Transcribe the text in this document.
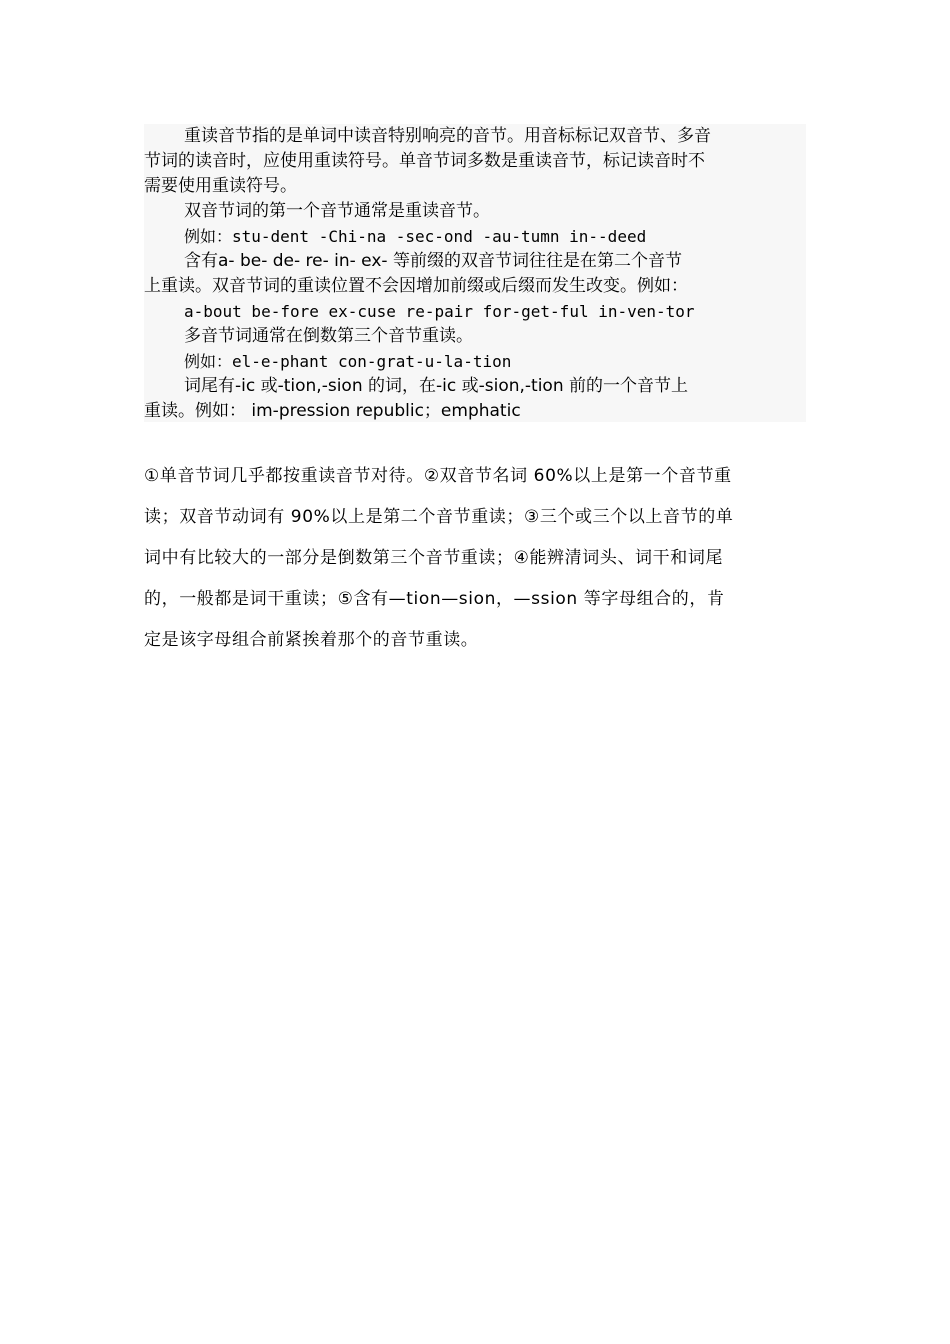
重读音节指的是单词中读音特别响亮的音节。用音标标记双音节、多音
节词的读音时，应使用重读符号。单音节词多数是重读音节，标记读音时不
需要使用重读符号。
双音节词的第一个音节通常是重读音节。
例如：stu-dent -Chi-na -sec-ond -au-tumn in--deed
含有a- be- de- re- in- ex- 等前缀的双音节词往往是在第二个音节
上重读。双音节词的重读位置不会因增加前缀或后缀而发生改变。例如：
a-bout be-fore ex-cuse re-pair for-get-ful in-ven-tor
多音节词通常在倒数第三个音节重读。
例如：el-e-phant con-grat-u-la-tion
词尾有-ic 或-tion,-sion 的词，在-ic 或-sion,-tion 前的一个音节上
重读。例如： im-pression republic；emphatic
①单音节词几乎都按重读音节对待。②双音节名词 60%以上是第一个音节重
读；双音节动词有 90%以上是第二个音节重读；③三个或三个以上音节的单
词中有比较大的一部分是倒数第三个音节重读；④能辨清词头、词干和词尾
的，一般都是词干重读；⑤含有—tion—sion，—ssion 等字母组合的，肯
定是该字母组合前紧挨着那个的音节重读。
